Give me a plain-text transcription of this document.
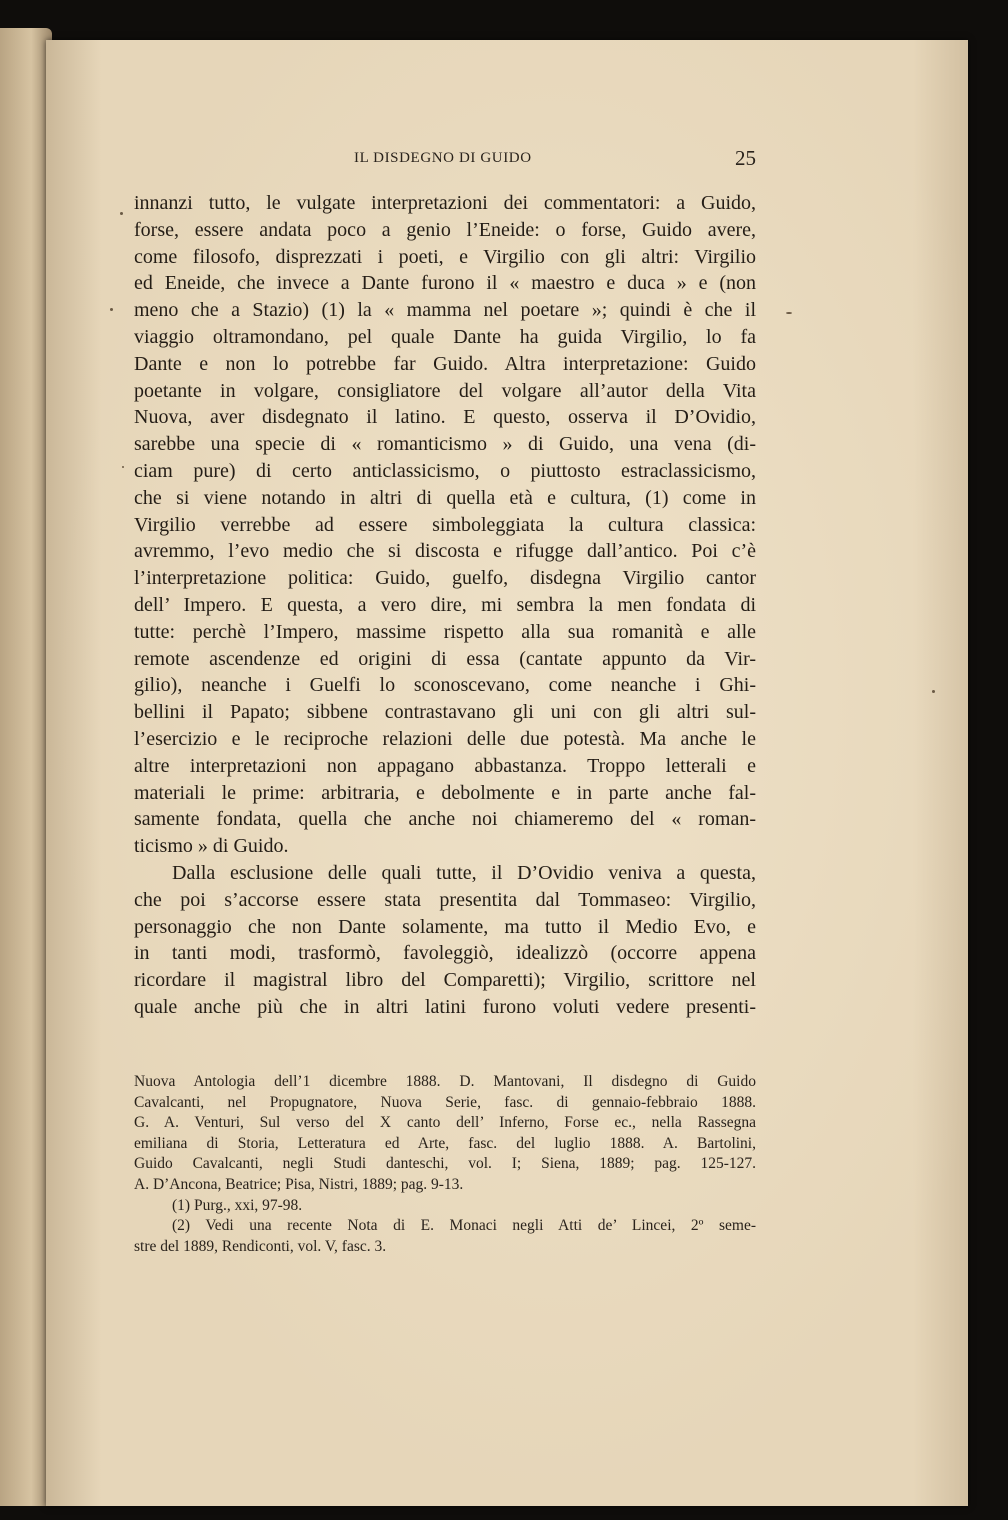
IL DISDEGNO DI GUIDO	25
innanzi tutto, le vulgate interpretazioni dei commentatori: a Guido,
forse, essere andata poco a genio l’Eneide: o forse, Guido avere,
come filosofo, disprezzati i poeti, e Virgilio con gli altri: Virgilio
ed Eneide, che invece a Dante furono il « maestro e duca » e (non
meno che a Stazio) (1) la « mamma nel poetare »; quindi è che il
viaggio oltramondano, pel quale Dante ha guida Virgilio, lo fa
Dante e non lo potrebbe far Guido. Altra interpretazione: Guido
poetante in volgare, consigliatore del volgare all’autor della Vita
Nuova, aver disdegnato il latino. E questo, osserva il D’Ovidio,
sarebbe una specie di « romanticismo » di Guido, una vena (di-
ciam pure) di certo anticlassicismo, o piuttosto estraclassicismo,
che si viene notando in altri di quella età e cultura, (1) come in
Virgilio verrebbe ad essere simboleggiata la cultura classica:
avremmo, l’evo medio che si discosta e rifugge dall’antico. Poi c’è
l’interpretazione politica: Guido, guelfo, disdegna Virgilio cantor
dell’ Impero. E questa, a vero dire, mi sembra la men fondata di
tutte: perchè l’Impero, massime rispetto alla sua romanità e alle
remote ascendenze ed origini di essa (cantate appunto da Vir-
gilio), neanche i Guelfi lo sconoscevano, come neanche i Ghi-
bellini il Papato; sibbene contrastavano gli uni con gli altri sul-
l’esercizio e le reciproche relazioni delle due potestà. Ma anche le
altre interpretazioni non appagano abbastanza. Troppo letterali e
materiali le prime: arbitraria, e debolmente e in parte anche fal-
samente fondata, quella che anche noi chiameremo del « roman-
ticismo » di Guido.
Dalla esclusione delle quali tutte, il D’Ovidio veniva a questa,
che poi s’accorse essere stata presentita dal Tommaseo: Virgilio,
personaggio che non Dante solamente, ma tutto il Medio Evo, e
in tanti modi, trasformò, favoleggiò, idealizzò (occorre appena
ricordare il magistral libro del Comparetti); Virgilio, scrittore nel
quale anche più che in altri latini furono voluti vedere presenti-
Nuova Antologia dell’1 dicembre 1888. D. Mantovani, Il disdegno di Guido
Cavalcanti, nel Propugnatore, Nuova Serie, fasc. di gennaio-febbraio 1888.
G. A. Venturi, Sul verso del X canto dell’ Inferno, Forse ec., nella Rassegna
emiliana di Storia, Letteratura ed Arte, fasc. del luglio 1888. A. Bartolini,
Guido Cavalcanti, negli Studi danteschi, vol. I; Siena, 1889; pag. 125-127.
A. D’Ancona, Beatrice; Pisa, Nistri, 1889; pag. 9-13.
(1) Purg., xxi, 97-98.
(2) Vedi una recente Nota di E. Monaci negli Atti de’ Lincei, 2º seme-
stre del 1889, Rendiconti, vol. V, fasc. 3.
